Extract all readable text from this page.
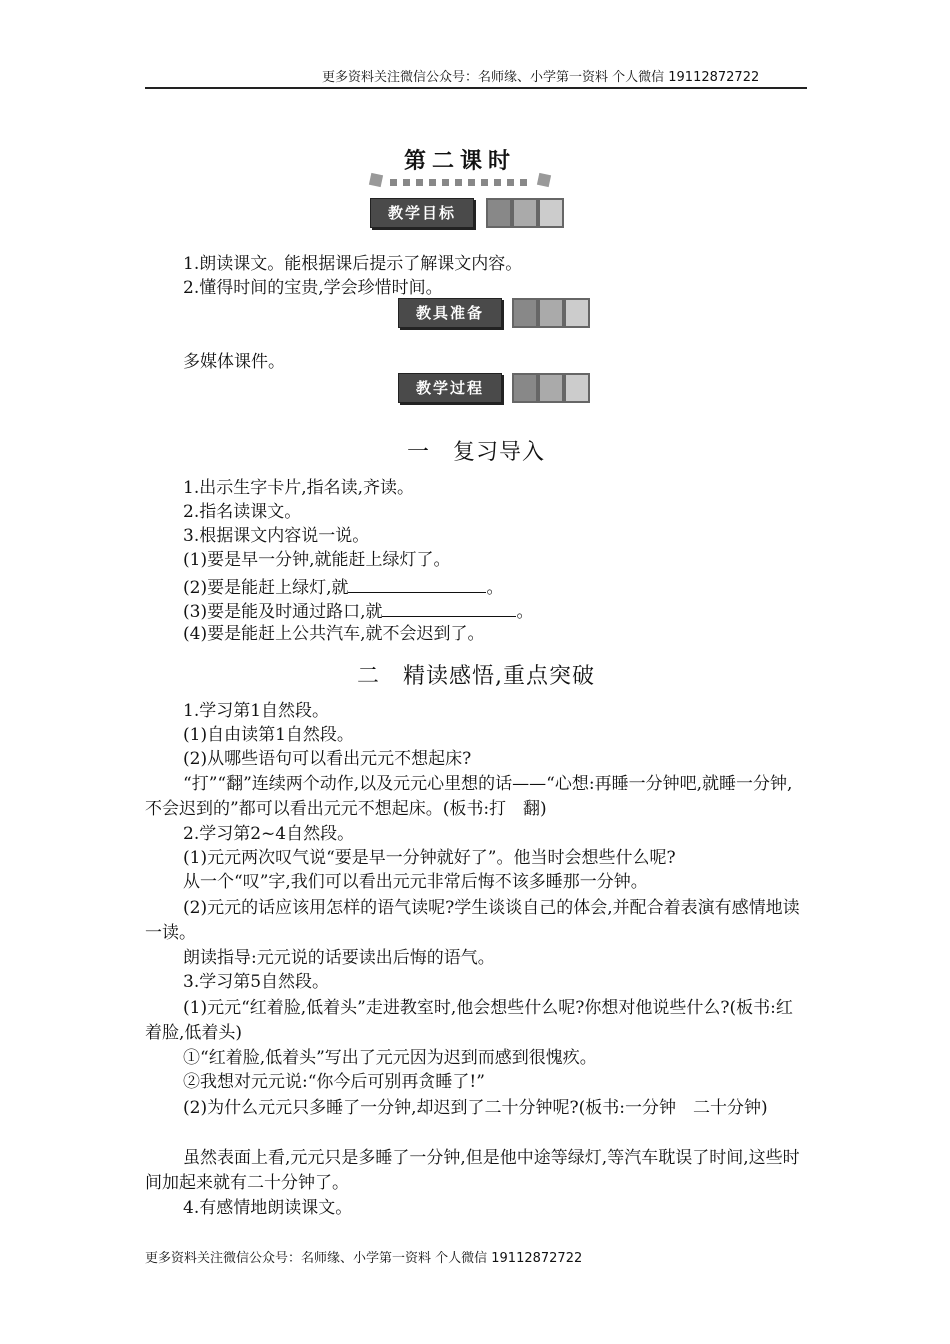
更多资料关注微信公众号：名师缘、小学第一资料 个人微信 19112872722
第二课时
教学目标
1.朗读课文。能根据课后提示了解课文内容。
2.懂得时间的宝贵,学会珍惜时间。
教具准备
多媒体课件。
教学过程
一　复习导入
1.出示生字卡片,指名读,齐读。
2.指名读课文。
3.根据课文内容说一说。
(1)要是早一分钟,就能赶上绿灯了。
(2)要是能赶上绿灯,就	。
(3)要是能及时通过路口,就	。
(4)要是能赶上公共汽车,就不会迟到了。
二　精读感悟,重点突破
1.学习第1自然段。
(1)自由读第1自然段。
(2)从哪些语句可以看出元元不想起床?
“打”“翻”连续两个动作,以及元元心里想的话——“心想:再睡一分钟吧,就睡一分钟,不会迟到的”都可以看出元元不想起床。(板书:打　翻)
2.学习第2~4自然段。
(1)元元两次叹气说“要是早一分钟就好了”。他当时会想些什么呢?
从一个“叹”字,我们可以看出元元非常后悔不该多睡那一分钟。
(2)元元的话应该用怎样的语气读呢?学生谈谈自己的体会,并配合着表演有感情地读一读。
朗读指导:元元说的话要读出后悔的语气。
3.学习第5自然段。
(1)元元“红着脸,低着头”走进教室时,他会想些什么呢?你想对他说些什么?(板书:红着脸,低着头)
①“红着脸,低着头”写出了元元因为迟到而感到很愧疚。
②我想对元元说:“你今后可别再贪睡了!”
(2)为什么元元只多睡了一分钟,却迟到了二十分钟呢?(板书:一分钟　二十分钟)
虽然表面上看,元元只是多睡了一分钟,但是他中途等绿灯,等汽车耽误了时间,这些时间加起来就有二十分钟了。
4.有感情地朗读课文。
更多资料关注微信公众号：名师缘、小学第一资料 个人微信 19112872722
